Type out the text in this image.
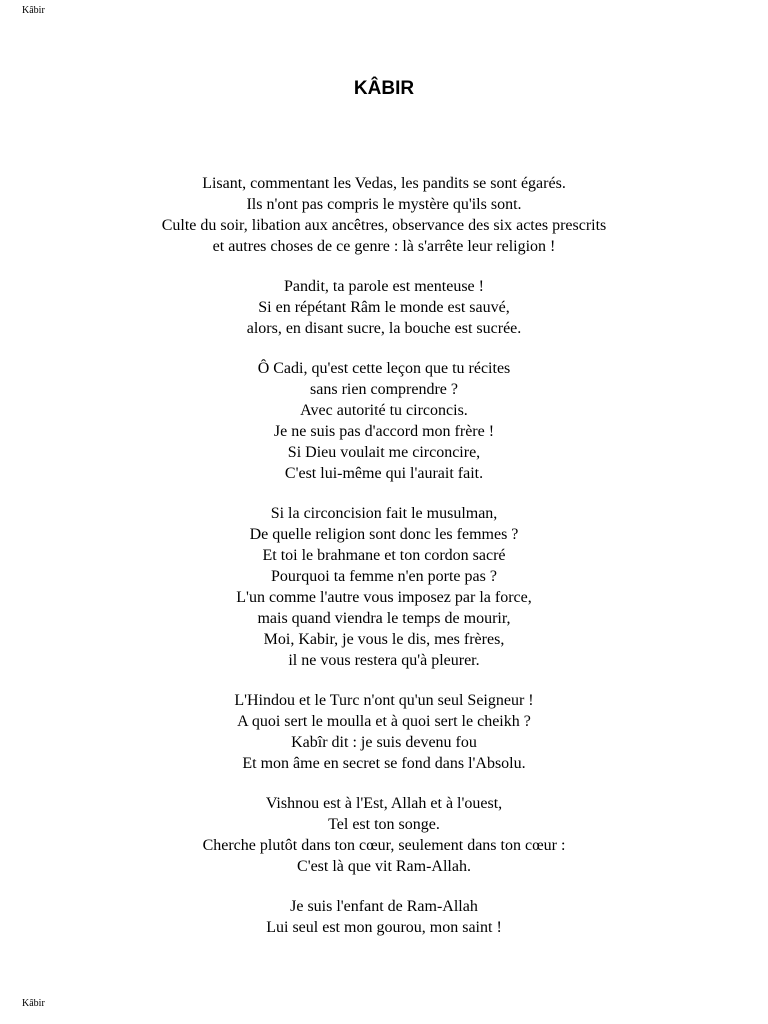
Kâbir
KÂBIR
Lisant, commentant les Vedas, les pandits se sont égarés.
Ils n'ont pas compris le mystère qu'ils sont.
Culte du soir, libation aux ancêtres, observance des six actes prescrits
et autres choses de ce genre : là s'arrête leur religion !
Pandit, ta parole est menteuse !
Si en répétant Râm le monde est sauvé,
alors, en disant sucre, la bouche est sucrée.
Ô Cadi, qu'est cette leçon que tu récites
sans rien comprendre ?
Avec autorité tu circoncis.
Je ne suis pas d'accord mon frère !
Si Dieu voulait me circoncire,
C'est lui-même qui l'aurait fait.
Si la circoncision fait le musulman,
De quelle religion sont donc les femmes ?
Et toi le brahmane et ton cordon sacré
Pourquoi ta femme n'en porte pas ?
L'un comme l'autre vous imposez par la force,
mais quand viendra le temps de mourir,
Moi, Kabir, je vous le dis, mes frères,
il ne vous restera qu'à pleurer.
L'Hindou et le Turc n'ont qu'un seul Seigneur !
A quoi sert le moulla et à quoi sert le cheikh ?
Kabîr dit : je suis devenu fou
Et mon âme en secret se fond dans l'Absolu.
Vishnou est à l'Est, Allah et à l'ouest,
Tel est ton songe.
Cherche plutôt dans ton cœur, seulement dans ton cœur :
C'est là que vit Ram-Allah.
Je suis l'enfant de Ram-Allah
Lui seul est mon gourou, mon saint !
Kâbir
